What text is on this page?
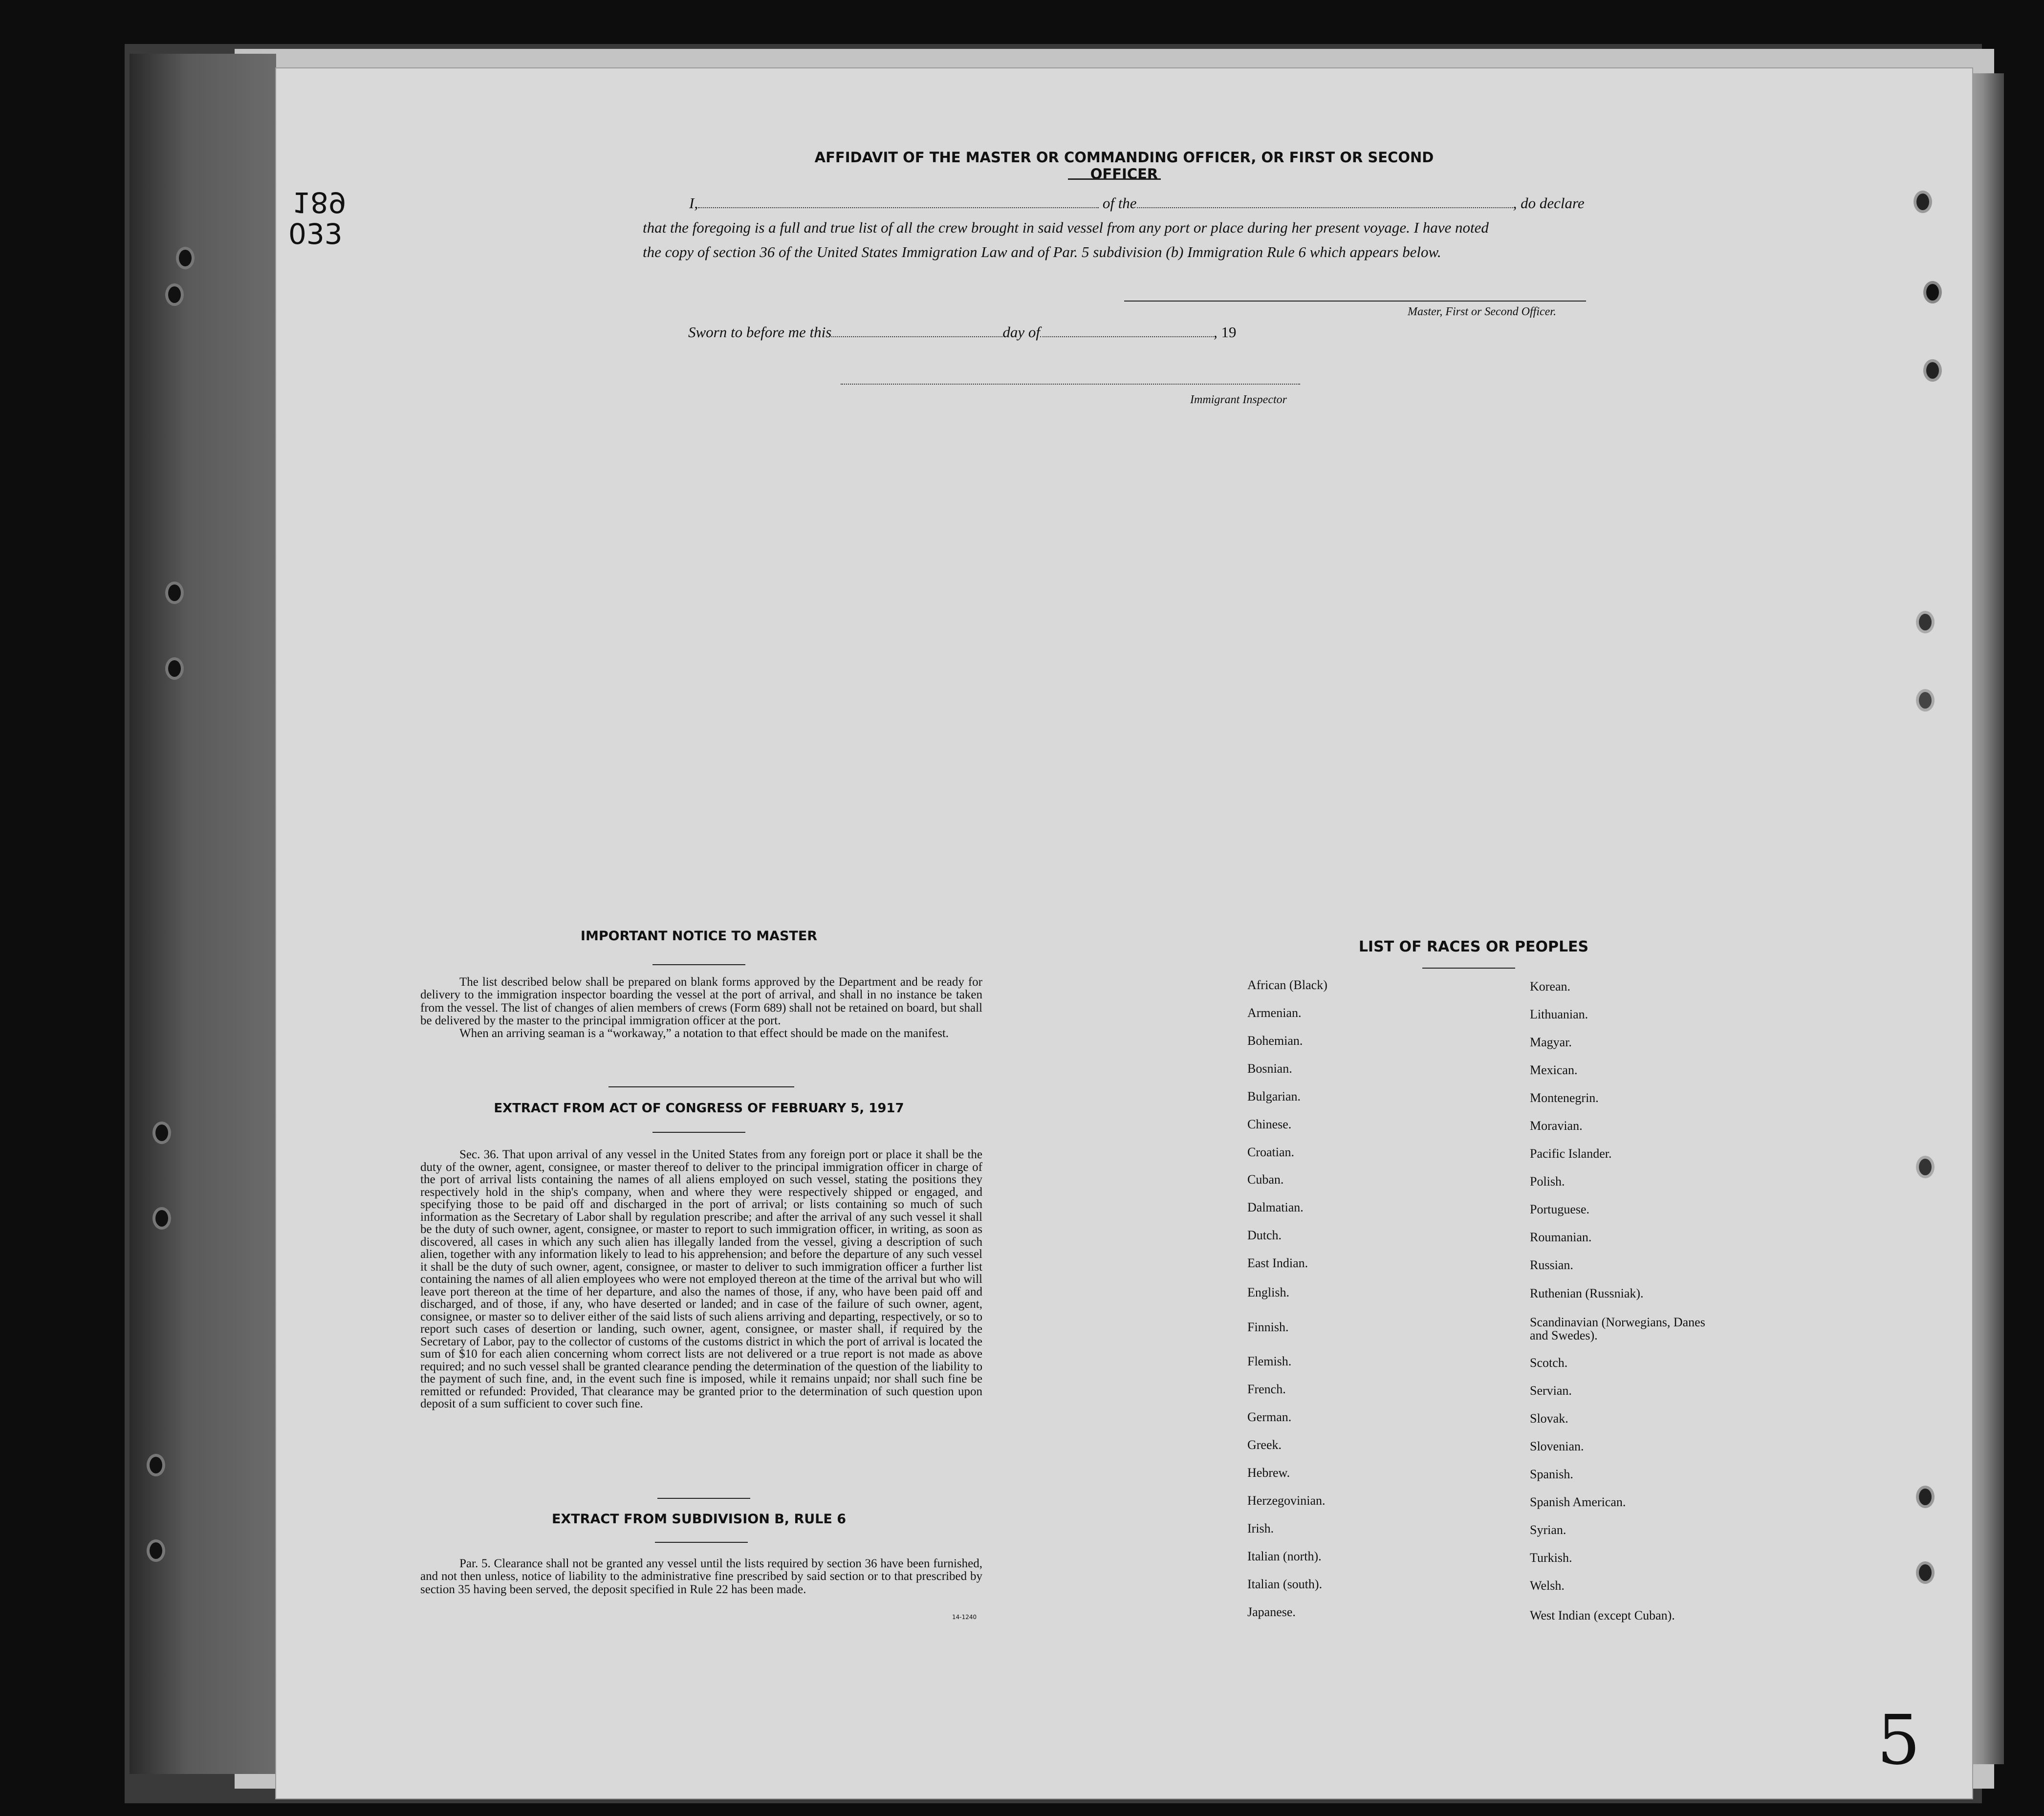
189
033
5
AFFIDAVIT OF THE MASTER OR COMMANDING OFFICER, OR FIRST OR SECOND OFFICER
I,	of the	, do declare
that the foregoing is a full and true list of all the crew brought in said vessel from any port or place during her present voyage. I have noted
the copy of section 36 of the United States Immigration Law and of Par. 5 subdivision (b) Immigration Rule 6 which appears below.
Master, First or Second Officer.
Sworn to before me this	day of	, 19
Immigrant Inspector
IMPORTANT NOTICE TO MASTER

The list described below shall be prepared on blank forms approved by the Department and be ready for delivery to the immigration inspector boarding the vessel at the port of arrival, and shall in no instance be taken from the vessel. The list of changes of alien members of crews (Form 689) shall not be retained on board, but shall be delivered by the master to the principal immigration officer at the port.

When an arriving seaman is a “workaway,” a notation to that effect should be made on the manifest.

EXTRACT FROM ACT OF CONGRESS OF FEBRUARY 5, 1917

Sec. 36. That upon arrival of any vessel in the United States from any foreign port or place it shall be the duty of the owner, agent, consignee, or master thereof to deliver to the principal immigration officer in charge of the port of arrival lists containing the names of all aliens employed on such vessel, stating the positions they respectively hold in the ship's company, when and where they were respectively shipped or engaged, and specifying those to be paid off and discharged in the port of arrival; or lists containing so much of such information as the Secretary of Labor shall by regulation prescribe; and after the arrival of any such vessel it shall be the duty of such owner, agent, consignee, or master to report to such immigration officer, in writing, as soon as discovered, all cases in which any such alien has illegally landed from the vessel, giving a description of such alien, together with any information likely to lead to his apprehension; and before the departure of any such vessel it shall be the duty of such owner, agent, consignee, or master to deliver to such immigration officer a further list containing the names of all alien employees who were not employed thereon at the time of the arrival but who will leave port thereon at the time of her departure, and also the names of those, if any, who have been paid off and discharged, and of those, if any, who have deserted or landed; and in case of the failure of such owner, agent, consignee, or master so to deliver either of the said lists of such aliens arriving and departing, respectively, or so to report such cases of desertion or landing, such owner, agent, consignee, or master shall, if required by the Secretary of Labor, pay to the collector of customs of the customs district in which the port of arrival is located the sum of $10 for each alien concerning whom correct lists are not delivered or a true report is not made as above required; and no such vessel shall be granted clearance pending the determination of the question of the liability to the payment of such fine, and, in the event such fine is imposed, while it remains unpaid; nor shall such fine be remitted or refunded: Provided, That clearance may be granted prior to the determination of such question upon deposit of a sum sufficient to cover such fine.

EXTRACT FROM SUBDIVISION B, RULE 6

Par. 5. Clearance shall not be granted any vessel until the lists required by section 36 have been furnished, and not then unless, notice of liability to the administrative fine prescribed by said section or to that prescribed by section 35 having been served, the deposit specified in Rule 22 has been made.

14-1240
LIST OF RACES OR PEOPLES
African (Black)
Armenian.
Bohemian.
Bosnian.
Bulgarian.
Chinese.
Croatian.
Cuban.
Dalmatian.
Dutch.
East Indian.
English.
Finnish.
Flemish.
French.
German.
Greek.
Hebrew.
Herzegovinian.
Irish.
Italian (north).
Italian (south).
Japanese.
Korean.
Lithuanian.
Magyar.
Mexican.
Montenegrin.
Moravian.
Pacific Islander.
Polish.
Portuguese.
Roumanian.
Russian.
Ruthenian (Russniak).
Scandinavian (Norwegians, Danes and Swedes).
Scotch.
Servian.
Slovak.
Slovenian.
Spanish.
Spanish American.
Syrian.
Turkish.
Welsh.
West Indian (except Cuban).
